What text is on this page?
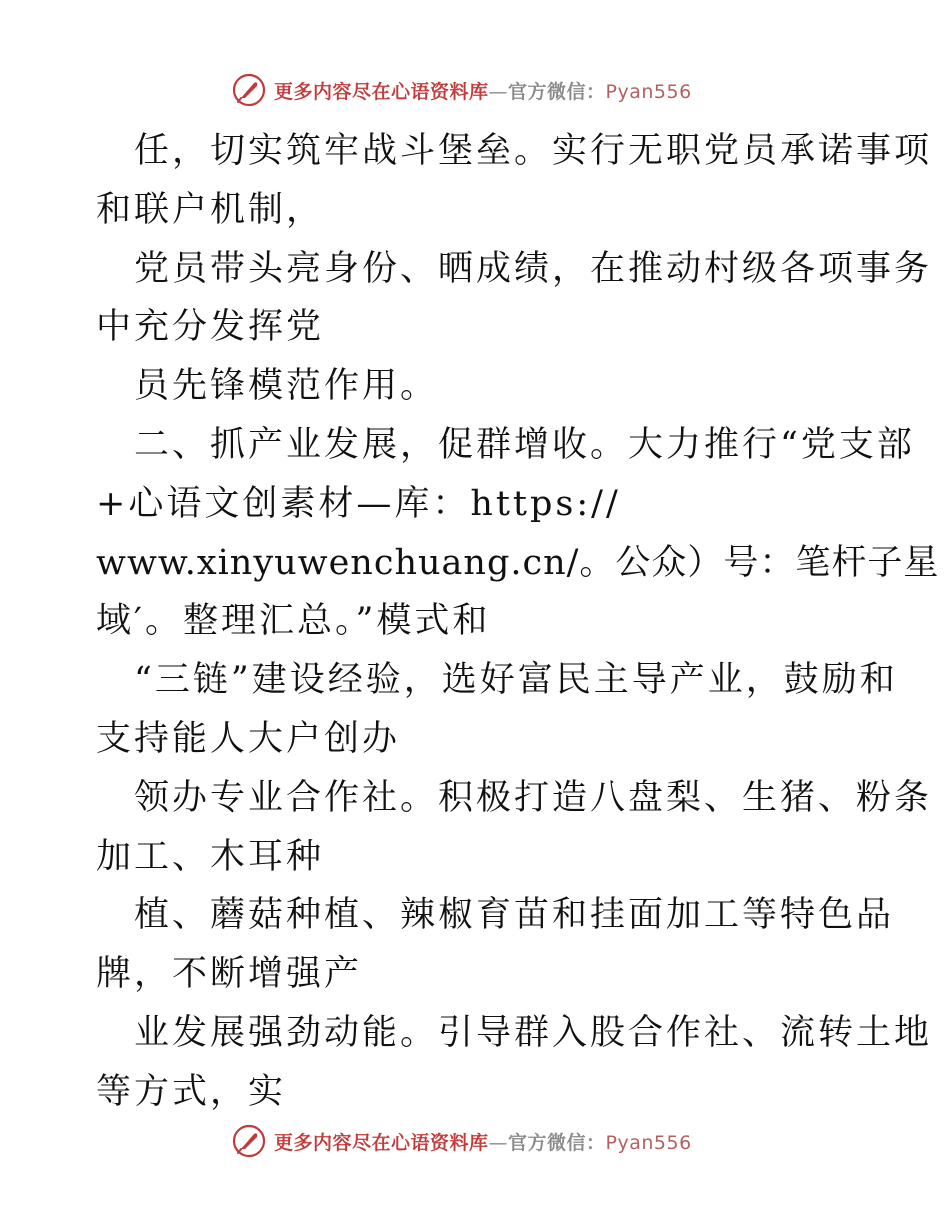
更多内容尽在心语资料库—官方微信：Pyan556
任，切实筑牢战斗堡垒。实行无职党员承诺事项
和联户机制，
党员带头亮身份、晒成绩，在推动村级各项事务
中充分发挥党
员先锋模范作用。
二、抓产业发展，促群增收。大力推行“党支部
+心语文创素材—库：https://
www.xinyuwenchuang.cn/。公众）号：笔杆子星
域′。整理汇总。”模式和
“三链”建设经验，选好富民主导产业，鼓励和
支持能人大户创办
领办专业合作社。积极打造八盘梨、生猪、粉条
加工、木耳种
植、蘑菇种植、辣椒育苗和挂面加工等特色品
牌，不断增强产
业发展强劲动能。引导群入股合作社、流转土地
等方式，实
更多内容尽在心语资料库—官方微信：Pyan556
